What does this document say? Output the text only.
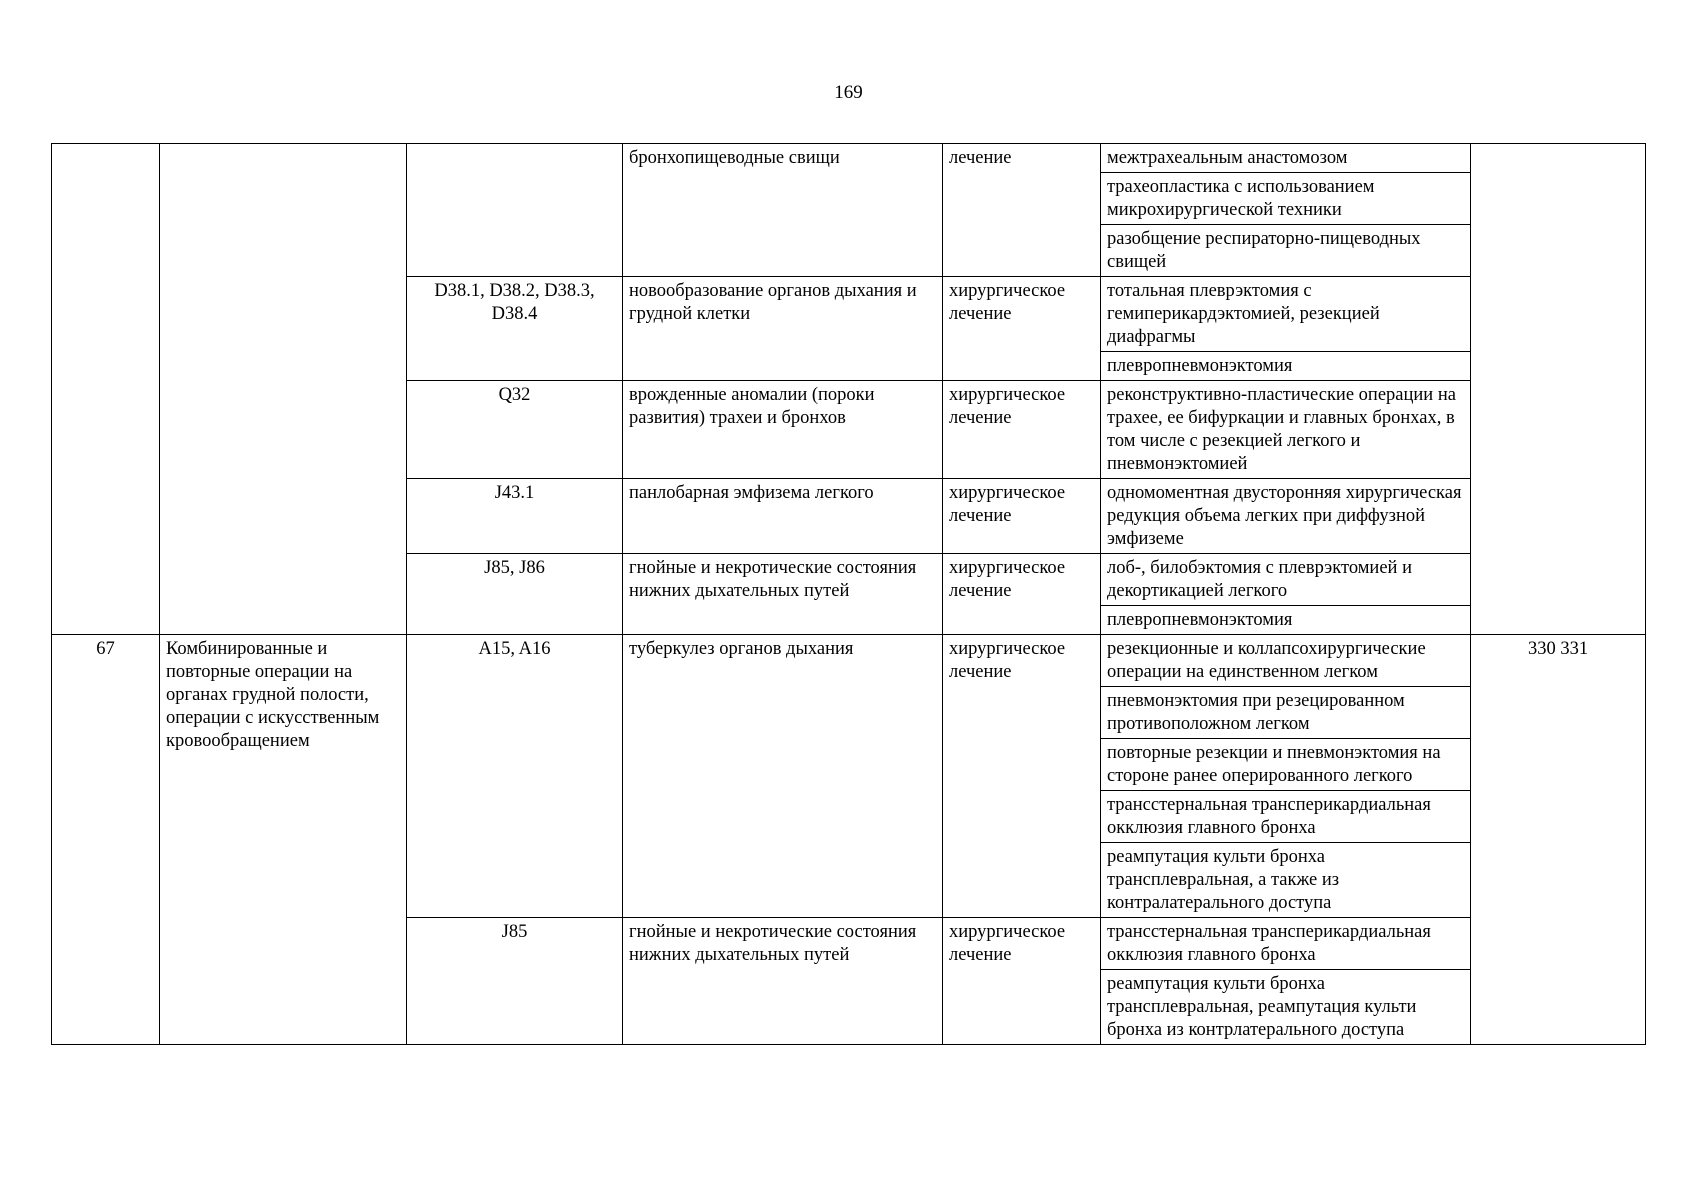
169
			бронхопищеводные свищи	лечение	межтрахеальным анастомозом	
					трахеопластика с использованием микрохирургической техники	
					разобщение респираторно-пищеводных свищей	
		D38.1, D38.2, D38.3, D38.4	новообразование органов дыхания и грудной клетки	хирургическое лечение	тотальная плеврэктомия с гемиперикардэктомией, резекцией диафрагмы	
					плевропневмонэктомия	
		Q32	врожденные аномалии (пороки развития) трахеи и бронхов	хирургическое лечение	реконструктивно-пластические операции на трахее, ее бифуркации и главных бронхах, в том числе с резекцией легкого и пневмонэктомией	
		J43.1	панлобарная эмфизема легкого	хирургическое лечение	одномоментная двусторонняя хирургическая редукция объема легких при диффузной эмфиземе	
		J85, J86	гнойные и некротические состояния нижних дыхательных путей	хирургическое лечение	лоб-, билобэктомия с плеврэктомией и декортикацией легкого	
					плевропневмонэктомия	
67	Комбинированные и повторные операции на органах грудной полости, операции с искусственным кровообращением	A15, A16	туберкулез органов дыхания	хирургическое лечение	резекционные и коллапсохирургические операции на единственном легком	330 331
					пневмонэктомия при резецированном противоположном легком	
					повторные резекции и пневмонэктомия на стороне ранее оперированного легкого	
					трансстернальная трансперикардиальная окклюзия главного бронха	
					реампутация культи бронха трансплевральная, а также из контралатерального доступа	
		J85	гнойные и некротические состояния нижних дыхательных путей	хирургическое лечение	трансстернальная трансперикардиальная окклюзия главного бронха	
					реампутация культи бронха трансплевральная, реампутация культи бронха из контрлатерального доступа	
